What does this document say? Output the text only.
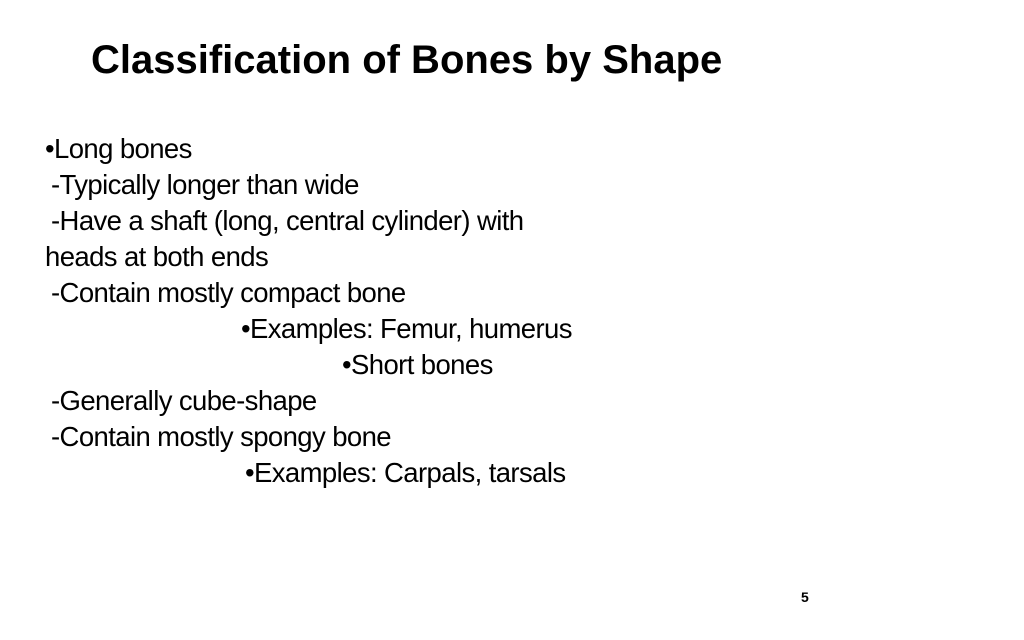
Classification of Bones by Shape
•Long bones
-Typically longer than wide
-Have a shaft (long, central cylinder) with
heads at both ends
-Contain mostly compact bone
•Examples: Femur, humerus
•Short bones
-Generally cube-shape
-Contain mostly spongy bone
•Examples: Carpals, tarsals
5
